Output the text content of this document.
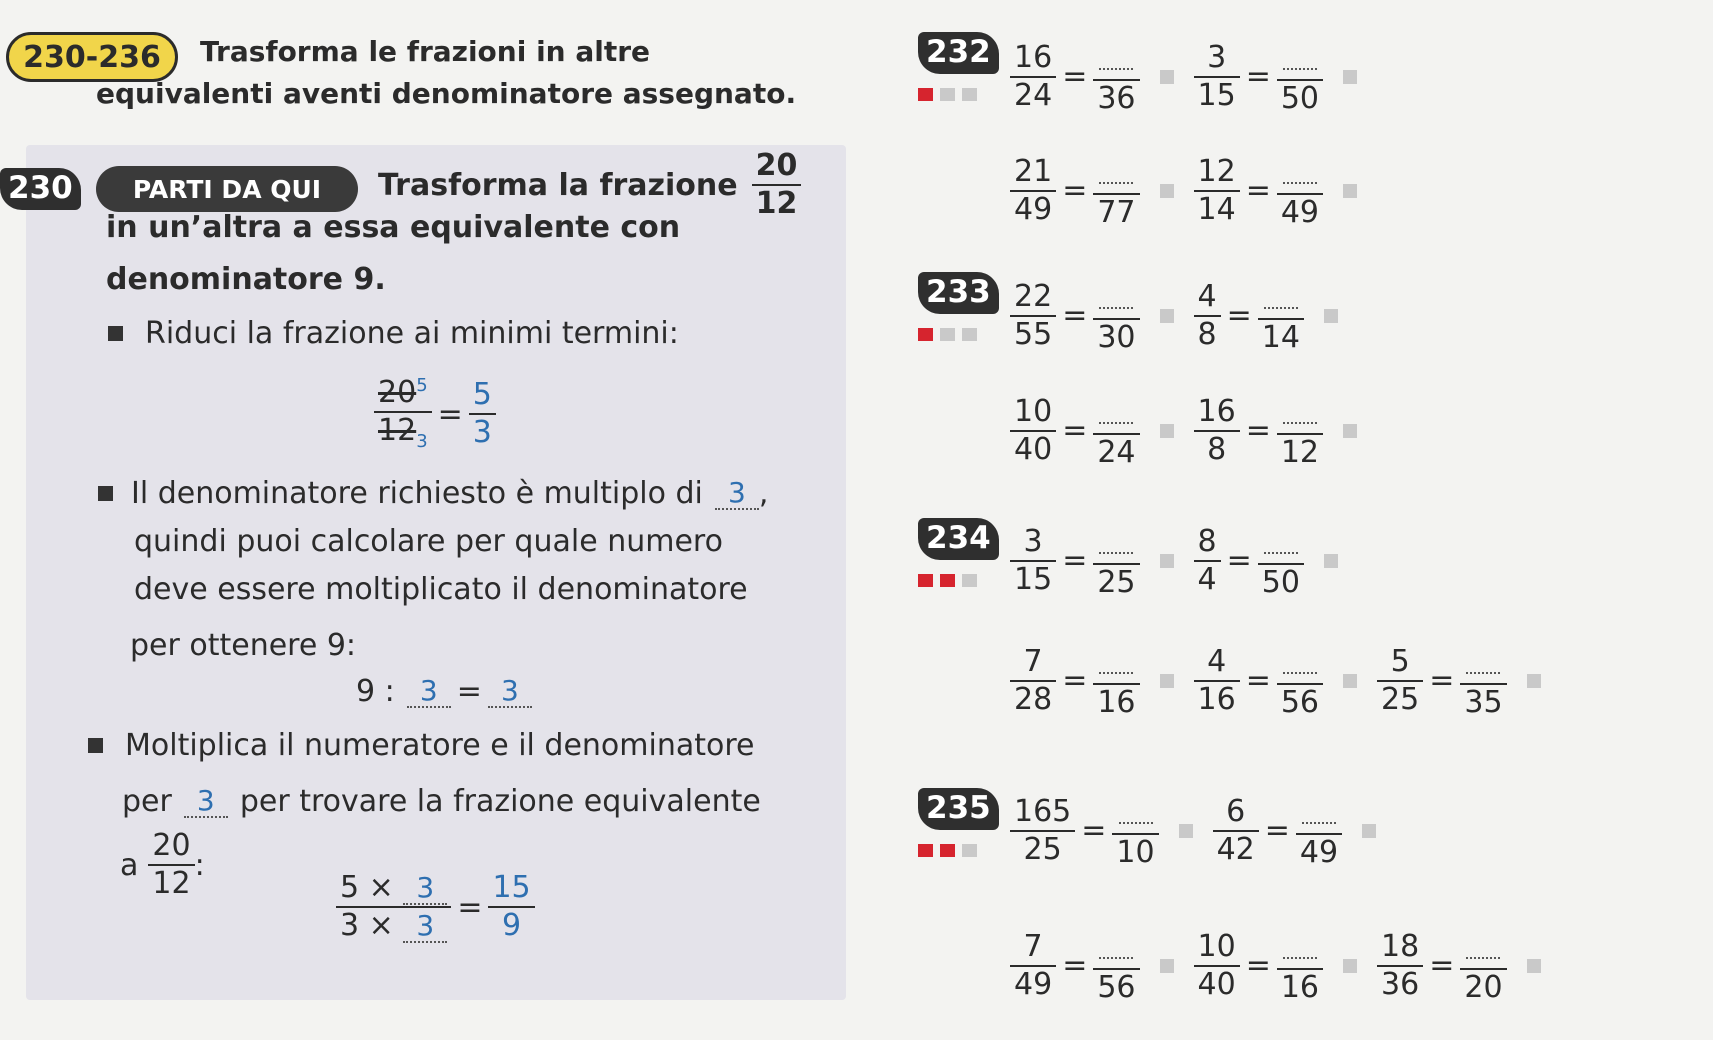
230-236	Trasforma le frazioni in altre
equivalenti aventi denominatore assegnato.
230	PARTI DA QUI	Trasforma la frazione $\frac{20}{12}$
in un’altra a essa equivalente con
denominatore 9.
Riduci la frazione ai minimi termini:
$\frac{20^5}{12_3} = \frac{5}{3}$
Il denominatore richiesto è multiplo di 3 ,
quindi puoi calcolare per quale numero
deve essere moltiplicato il denominatore
per ottenere 9:
9 : 3 = 3
Moltiplica il numeratore e il denominatore
per 3 per trovare la frazione equivalente
a $\frac{20}{12}$ :
$\frac{5 \times 3}{3 \times 3} = \frac{15}{9}$
$232 \frac{16}{24}$ =
$36 \frac{3}{15}$ =
50
$\frac{21}{49}$ =
$77 \frac{12}{14}$ =
49
$233 \frac{22}{55}$ =
$30 \frac{4}{8}$ =
14
$\frac{10}{40}$ =
$24 \frac{16}{8}$ =
12
$234 \frac{3}{15}$ =
$25 \frac{8}{4}$ =
50
$\frac{7}{28}$ =
$16 \frac{4}{16}$ =
$56 \frac{5}{25}$ =
35
$235 \frac{165}{25}$ =
$10 \frac{6}{42}$ =
49
$\frac{7}{49}$ =
$56 \frac{10}{40}$ =
$16 \frac{18}{36}$ =
20
